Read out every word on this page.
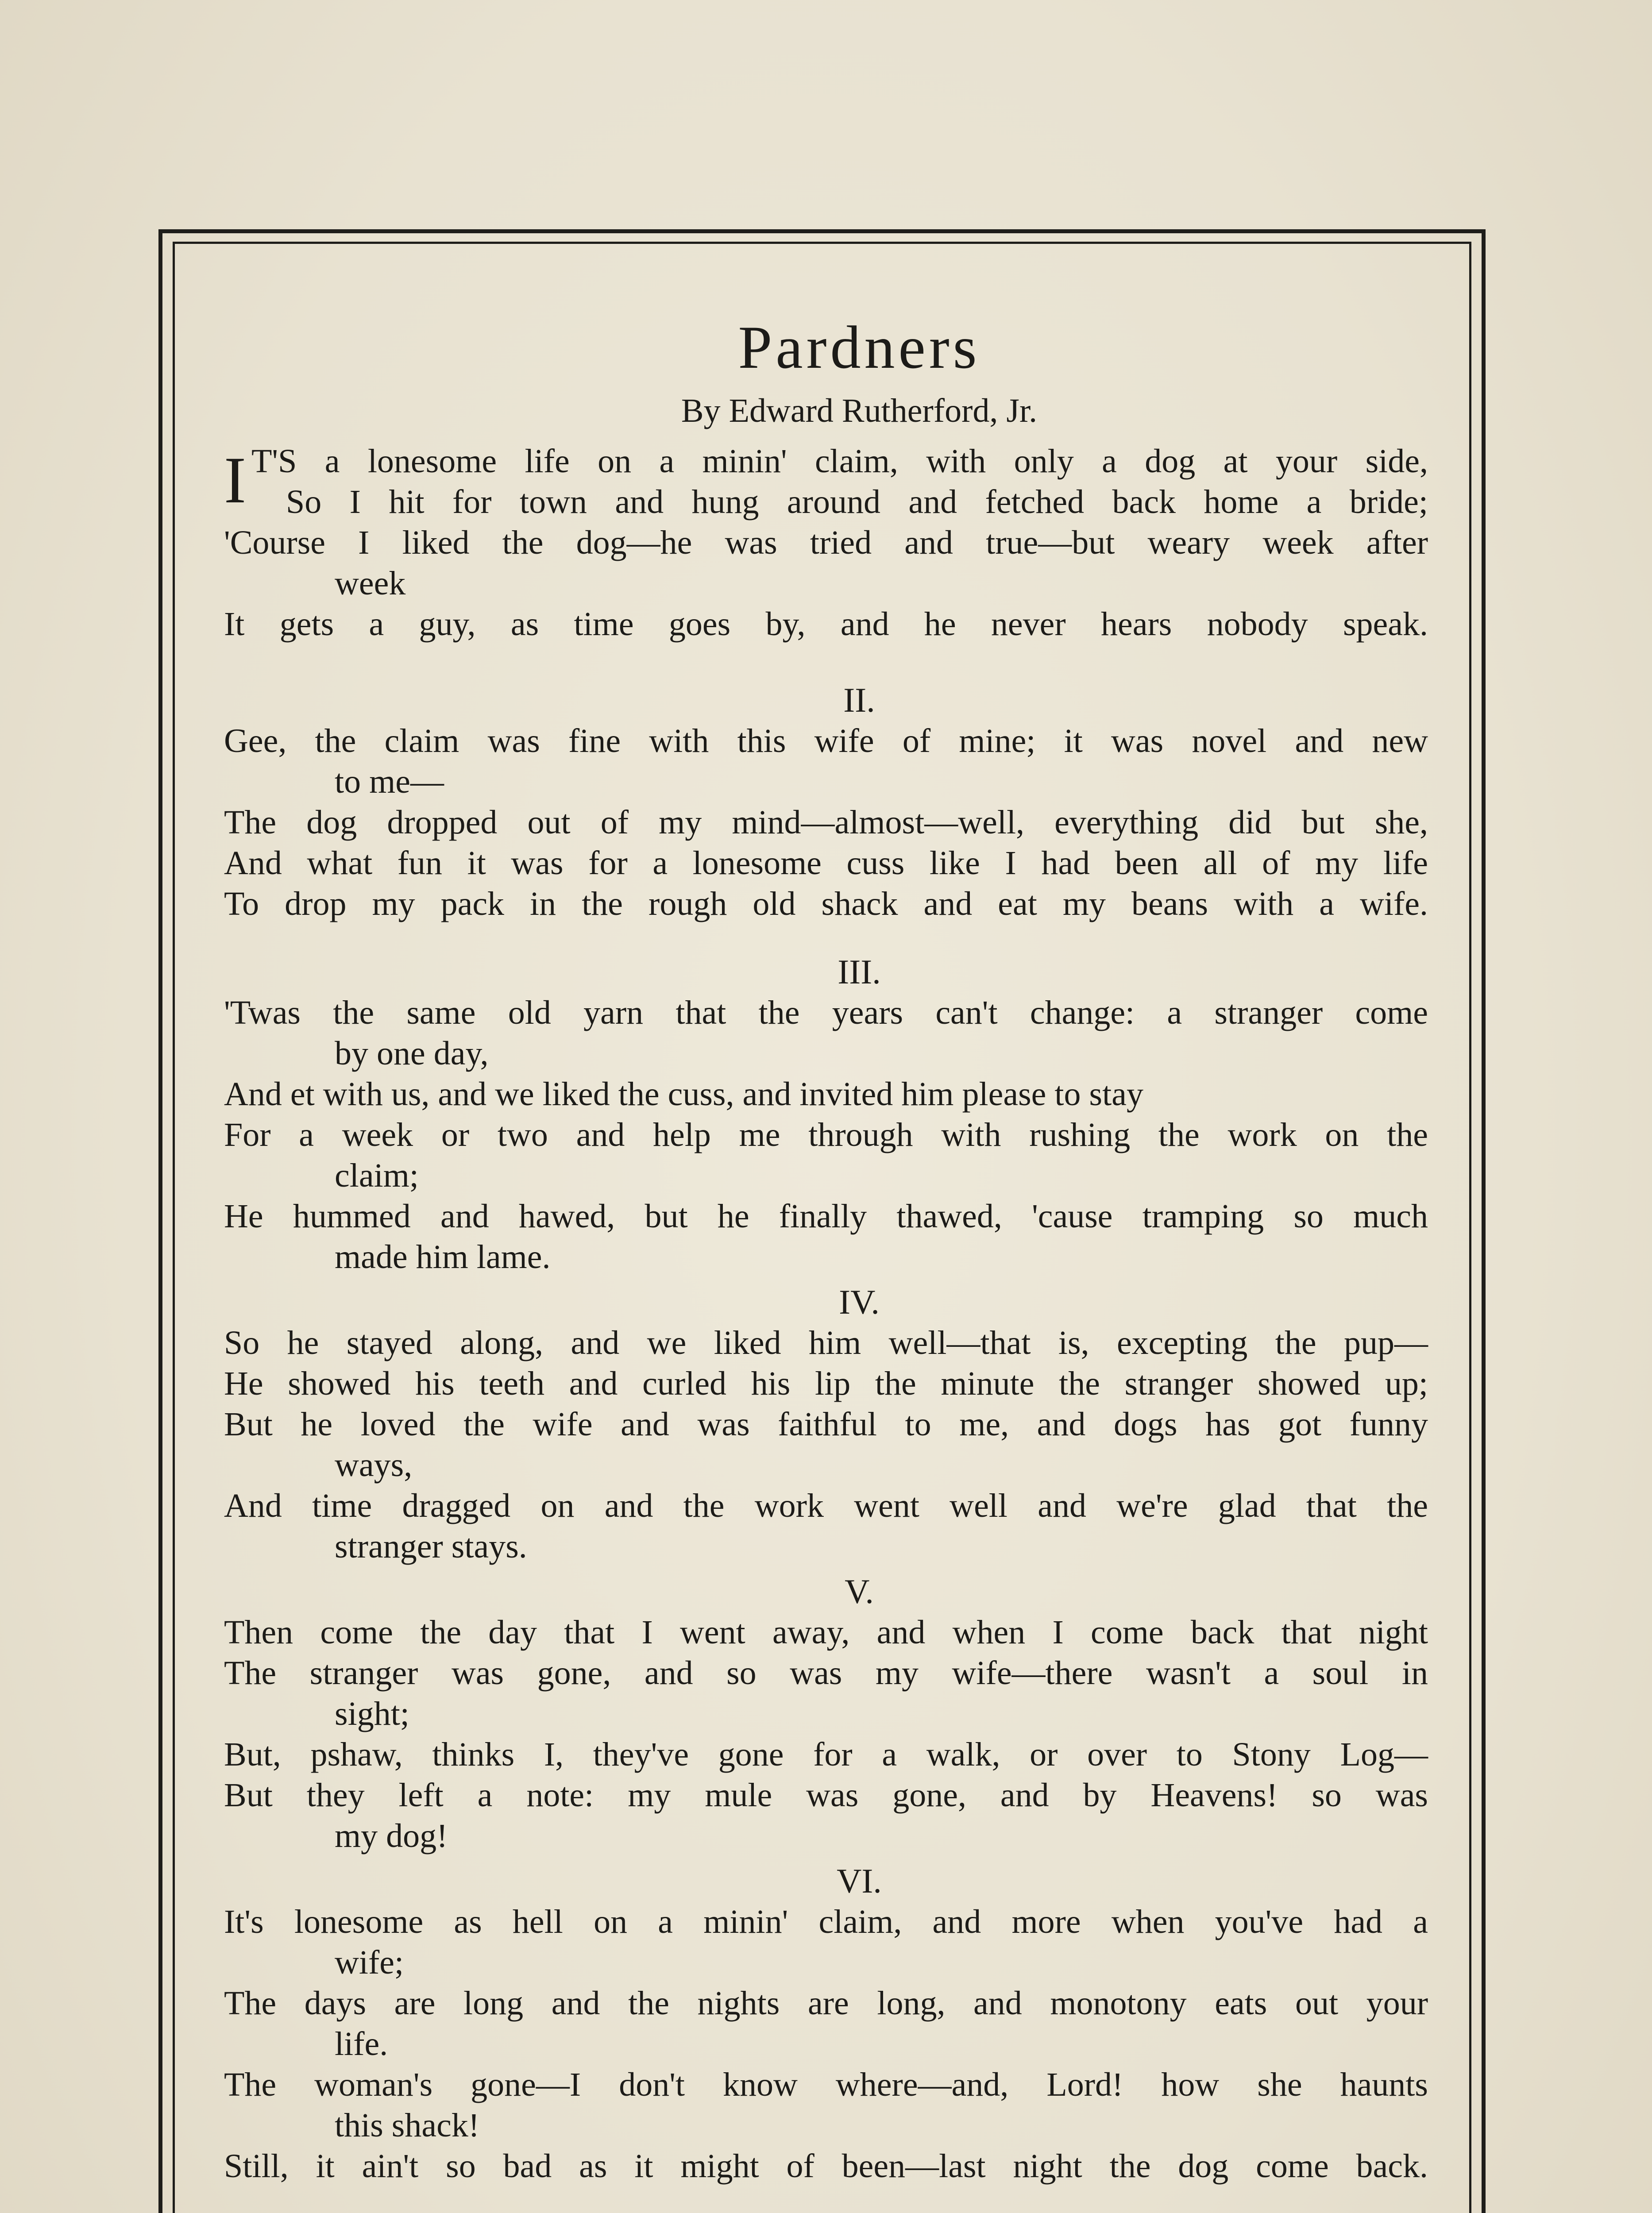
Pardners
By Edward Rutherford, Jr.
I T'S a lonesome life on a minin' claim, with only a dog at your side,
So I hit for town and hung around and fetched back home a bride;
'Course I liked the dog—he was tried and true—but weary week after
week
It gets a guy, as time goes by, and he never hears nobody speak.
II.
Gee, the claim was fine with this wife of mine; it was novel and new
to me—
The dog dropped out of my mind—almost—well, everything did but she,
And what fun it was for a lonesome cuss like I had been all of my life
To drop my pack in the rough old shack and eat my beans with a wife.
III.
'Twas the same old yarn that the years can't change: a stranger come
by one day,
And et with us, and we liked the cuss, and invited him please to stay
For a week or two and help me through with rushing the work on the
claim;
He hummed and hawed, but he finally thawed, 'cause tramping so much
made him lame.
IV.
So he stayed along, and we liked him well—that is, excepting the pup—
He showed his teeth and curled his lip the minute the stranger showed up;
But he loved the wife and was faithful to me, and dogs has got funny
ways,
And time dragged on and the work went well and we're glad that the
stranger stays.
V.
Then come the day that I went away, and when I come back that night
The stranger was gone, and so was my wife—there wasn't a soul in
sight;
But, pshaw, thinks I, they've gone for a walk, or over to Stony Log—
But they left a note: my mule was gone, and by Heavens! so was
my dog!
VI.
It's lonesome as hell on a minin' claim, and more when you've had a
wife;
The days are long and the nights are long, and monotony eats out your
life.
The woman's gone—I don't know where—and, Lord! how she haunts
this shack!
Still, it ain't so bad as it might of been—last night the dog come back.
